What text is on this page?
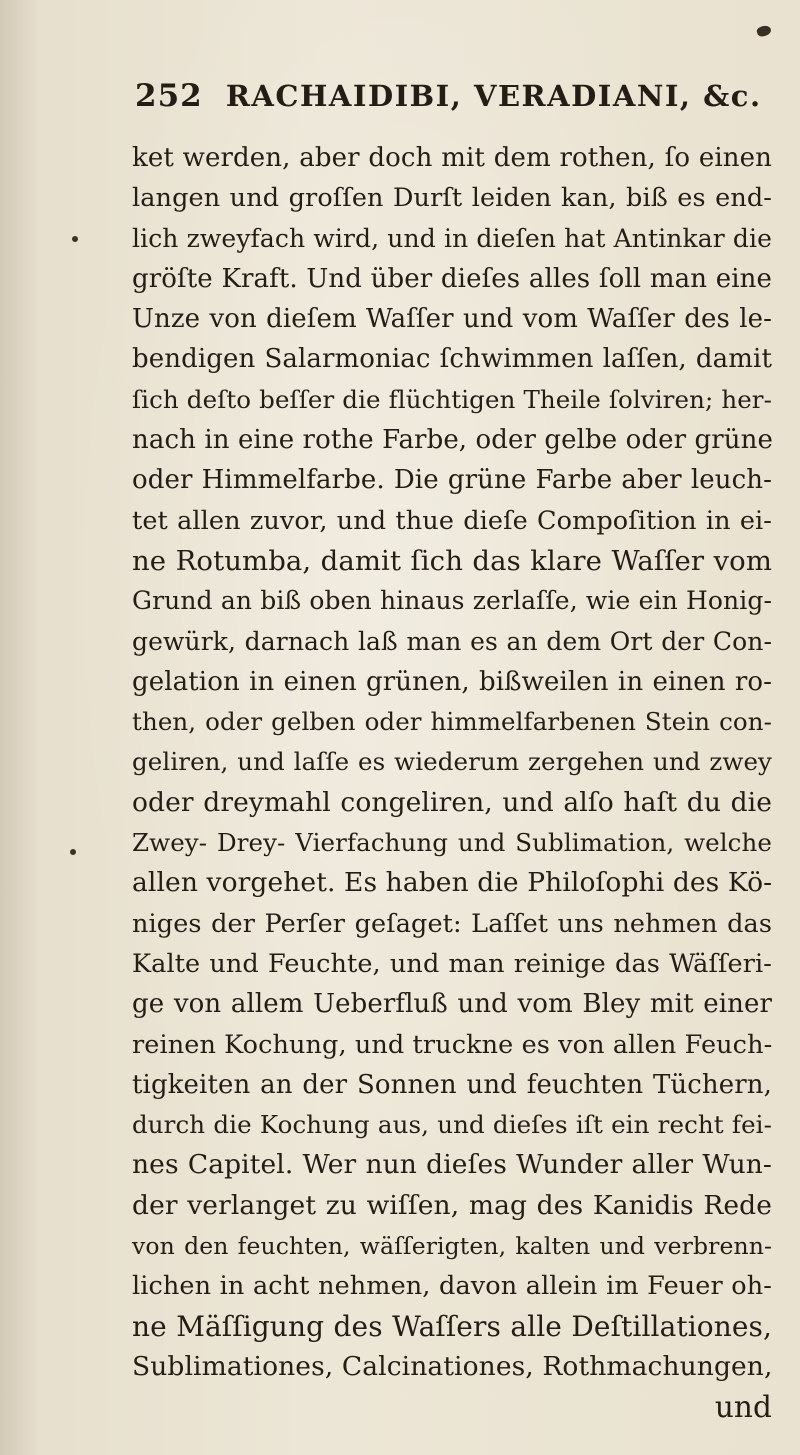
252 RACHAIDIBI, VERADIANI, &c.
ket werden, aber doch mit dem rothen, ſo einen
langen und groſſen Durſt leiden kan, biß es end-
lich zweyfach wird, und in dieſen hat Antinkar die
gröſte Kraft. Und über dieſes alles ſoll man eine
Unze von dieſem Waſſer und vom Waſſer des le-
bendigen Salarmoniac ſchwimmen laſſen, damit
ſich deſto beſſer die flüchtigen Theile ſolviren; her-
nach in eine rothe Farbe, oder gelbe oder grüne
oder Himmelfarbe. Die grüne Farbe aber leuch-
tet allen zuvor, und thue dieſe Compoſition in ei-
ne Rotumba, damit ſich das klare Waſſer vom
Grund an biß oben hinaus zerlaſſe, wie ein Honig-
gewürk, darnach laß man es an dem Ort der Con-
gelation in einen grünen, bißweilen in einen ro-
then, oder gelben oder himmelfarbenen Stein con-
geliren, und laſſe es wiederum zergehen und zwey
oder dreymahl congeliren, und alſo haſt du die
Zwey- Drey- Vierfachung und Sublimation, welche
allen vorgehet. Es haben die Philoſophi des Kö-
niges der Perſer geſaget: Laſſet uns nehmen das
Kalte und Feuchte, und man reinige das Wäſſeri-
ge von allem Ueberfluß und vom Bley mit einer
reinen Kochung, und truckne es von allen Feuch-
tigkeiten an der Sonnen und feuchten Tüchern,
durch die Kochung aus, und dieſes iſt ein recht fei-
nes Capitel. Wer nun dieſes Wunder aller Wun-
der verlanget zu wiſſen, mag des Kanidis Rede
von den feuchten, wäſſerigten, kalten und verbrenn-
lichen in acht nehmen, davon allein im Feuer oh-
ne Mäſſigung des Waſſers alle Deſtillationes,
Sublimationes, Calcinationes, Rothmachungen,
und
